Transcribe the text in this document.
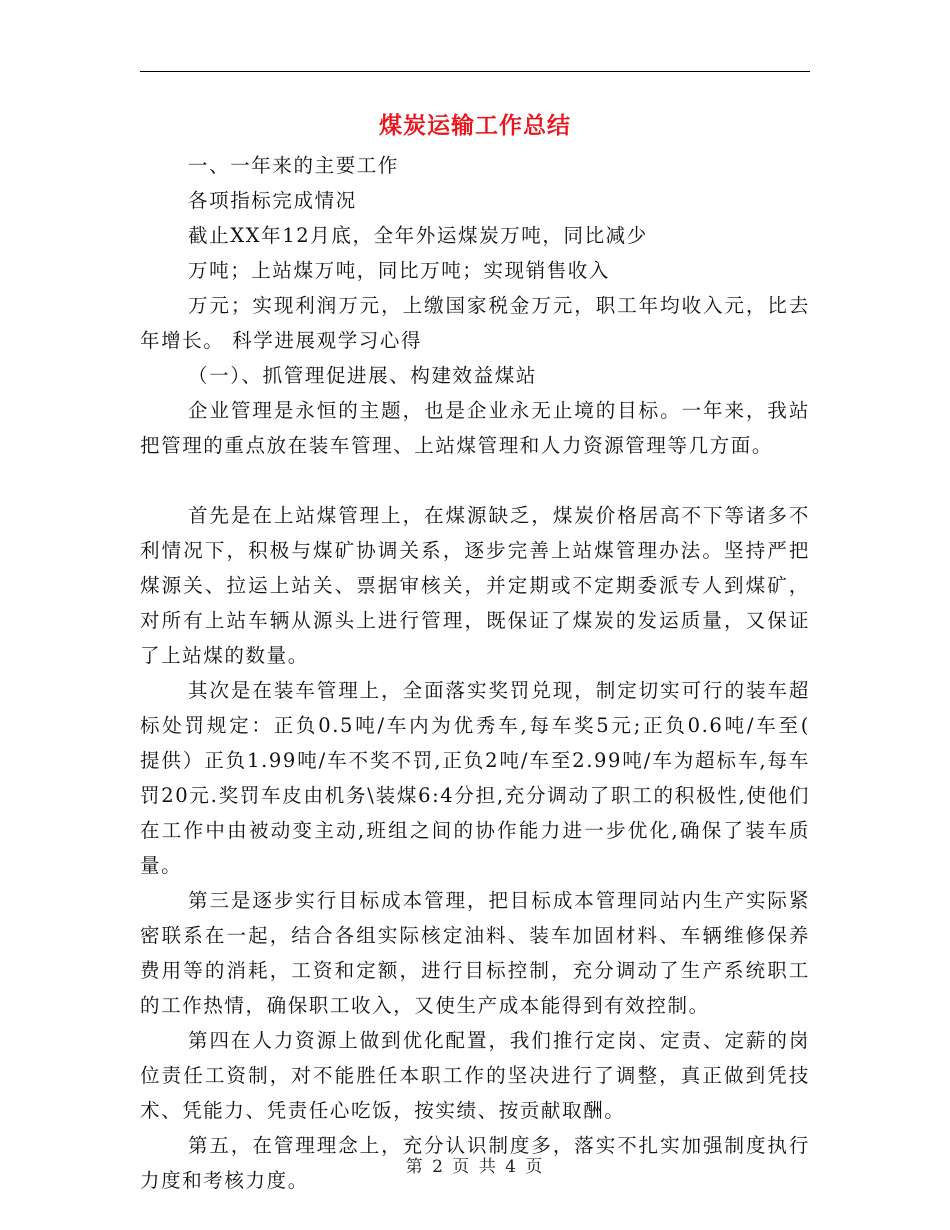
煤炭运输工作总结

一、一年来的主要工作

各项指标完成情况

截止XX年12月底，全年外运煤炭万吨，同比减少

万吨；上站煤万吨，同比万吨；实现销售收入

万元；实现利润万元，上缴国家税金万元，职工年均收入元，比去年增长。 科学进展观学习心得

（一）、抓管理促进展、构建效益煤站

企业管理是永恒的主题，也是企业永无止境的目标。一年来，我站把管理的重点放在装车管理、上站煤管理和人力资源管理等几方面。

首先是在上站煤管理上，在煤源缺乏，煤炭价格居高不下等诸多不利情况下，积极与煤矿协调关系，逐步完善上站煤管理办法。坚持严把煤源关、拉运上站关、票据审核关，并定期或不定期委派专人到煤矿，对所有上站车辆从源头上进行管理，既保证了煤炭的发运质量，又保证了上站煤的数量。

其次是在装车管理上，全面落实奖罚兑现，制定切实可行的装车超标处罚规定：正负0.5吨/车内为优秀车,每车奖5元;正负0.6吨/车至(　　提供）正负1.99吨/车不奖不罚,正负2吨/车至2.99吨/车为超标车,每车罚20元.奖罚车皮由机务\装煤6:4分担,充分调动了职工的积极性,使他们在工作中由被动变主动,班组之间的协作能力进一步优化,确保了装车质量。

第三是逐步实行目标成本管理，把目标成本管理同站内生产实际紧密联系在一起，结合各组实际核定油料、装车加固材料、车辆维修保养费用等的消耗，工资和定额，进行目标控制，充分调动了生产系统职工的工作热情，确保职工收入，又使生产成本能得到有效控制。

第四在人力资源上做到优化配置，我们推行定岗、定责、定薪的岗位责任工资制，对不能胜任本职工作的坚决进行了调整，真正做到凭技术、凭能力、凭责任心吃饭，按实绩、按贡献取酬。

第五，在管理理念上，充分认识制度多，落实不扎实加强制度执行力度和考核力度。

第 2 页 共 4 页
